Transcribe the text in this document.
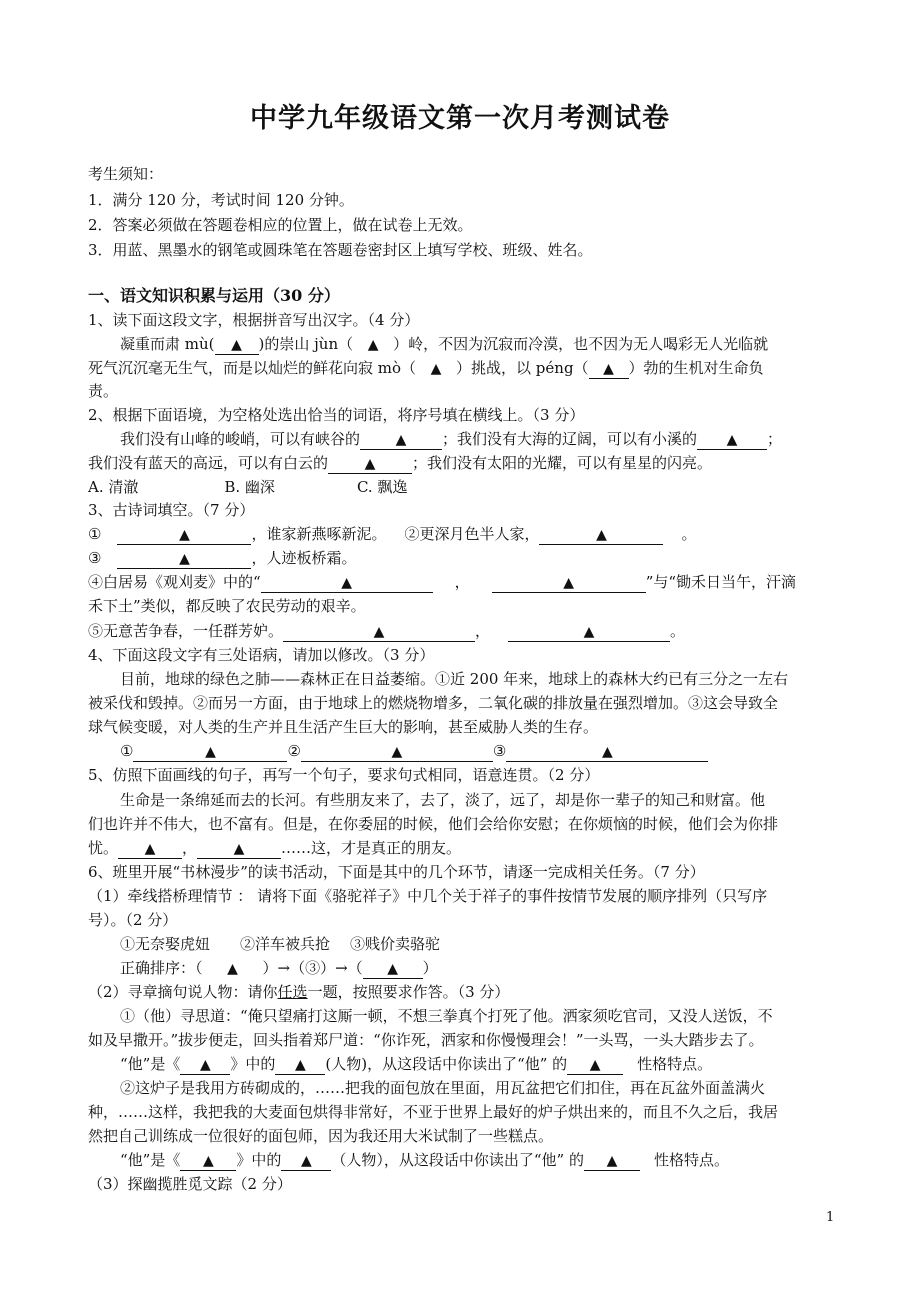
中学九年级语文第一次月考测试卷
考生须知：
1．满分 120 分，考试时间 120 分钟。
2．答案必须做在答题卷相应的位置上，做在试卷上无效。
3．用蓝、黑墨水的钢笔或圆珠笔在答题卷密封区上填写学校、班级、姓名。
一、语文知识积累与运用（30 分）
1、读下面这段文字，根据拼音写出汉字。（4 分）
凝重而肃 mù( ▲ )的崇山 jùn（ ▲ ）岭，不因为沉寂而冷漠，也不因为无人喝彩无人光临就
死气沉沉毫无生气，而是以灿烂的鲜花向寂 mò（ ▲ ）挑战，以 péng（ ▲ ）勃的生机对生命负
责。
2、根据下面语境，为空格处选出恰当的词语，将序号填在横线上。（3 分）
我们没有山峰的峻峭，可以有峡谷的	▲ ；我们没有大海的辽阔，可以有小溪的 ▲ ；
我们没有蓝天的高远，可以有白云的	▲ ；我们没有太阳的光耀，可以有星星的闪亮。
A. 清澈	B. 幽深	C. 飘逸
3、古诗词填空。（7 分）
①	▲	，谁家新燕啄新泥。 ②更深月色半人家，	▲	。
③	▲	，人迹板桥霜。
④白居易《观刈麦》中的“	▲	，	▲	”与“锄禾日当午，汗滴
禾下土”类似，都反映了农民劳动的艰辛。
⑤无意苦争春，一任群芳妒。	▲	，	▲	。
4、下面这段文字有三处语病，请加以修改。（3 分）
目前，地球的绿色之肺——森林正在日益萎缩。①近 200 年来，地球上的森林大约已有三分之一左右
被采伐和毁掉。②而另一方面，由于地球上的燃烧物增多，二氧化碳的排放量在强烈增加。③这会导致全
球气候变暖，对人类的生产并且生活产生巨大的影响，甚至威胁人类的生存。
①	▲	②	▲	③	▲
5、仿照下面画线的句子，再写一个句子，要求句式相同，语意连贯。（2 分）
生命是一条绵延而去的长河。有些朋友来了，去了，淡了，远了，却是你一辈子的知己和财富。他
们也许并不伟大，也不富有。但是，在你委屈的时候，他们会给你安慰；在你烦恼的时候，他们会为你排
忧。 ▲ ，	▲ ……这，才是真正的朋友。
6、班里开展“书林漫步”的读书活动，下面是其中的几个环节，请逐一完成相关任务。（7 分）
（1）牵线搭桥理情节 ： 请将下面《骆驼祥子》中几个关于祥子的事件按情节发展的顺序排列（只写序
号）。（2 分）
①无奈娶虎妞 ②洋车被兵抢 ③贱价卖骆驼
正确排序：（ ▲ ）→（③）→（ ▲ ）
（2）寻章摘句说人物：请你任选一题，按照要求作答。（3 分）
①（他）寻思道：“俺只望痛打这厮一顿，不想三拳真个打死了他。洒家须吃官司，又没人送饭，不
如及早撒开。”拔步便走，回头指着郑尸道：“你诈死，洒家和你慢慢理会！”一头骂，一头大踏步去了。
“他”是《 ▲ 》中的 ▲ (人物)，从这段话中你读出了“他” 的 ▲ 性格特点。
②这炉子是我用方砖砌成的，……把我的面包放在里面，用瓦盆把它们扣住，再在瓦盆外面盖满火
种，……这样，我把我的大麦面包烘得非常好，不亚于世界上最好的炉子烘出来的，而且不久之后，我居
然把自己训练成一位很好的面包师，因为我还用大米试制了一些糕点。
“他”是《 ▲ 》中的 ▲ （人物），从这段话中你读出了“他” 的 ▲ 性格特点。
（3）探幽揽胜觅文踪（2 分）
1
